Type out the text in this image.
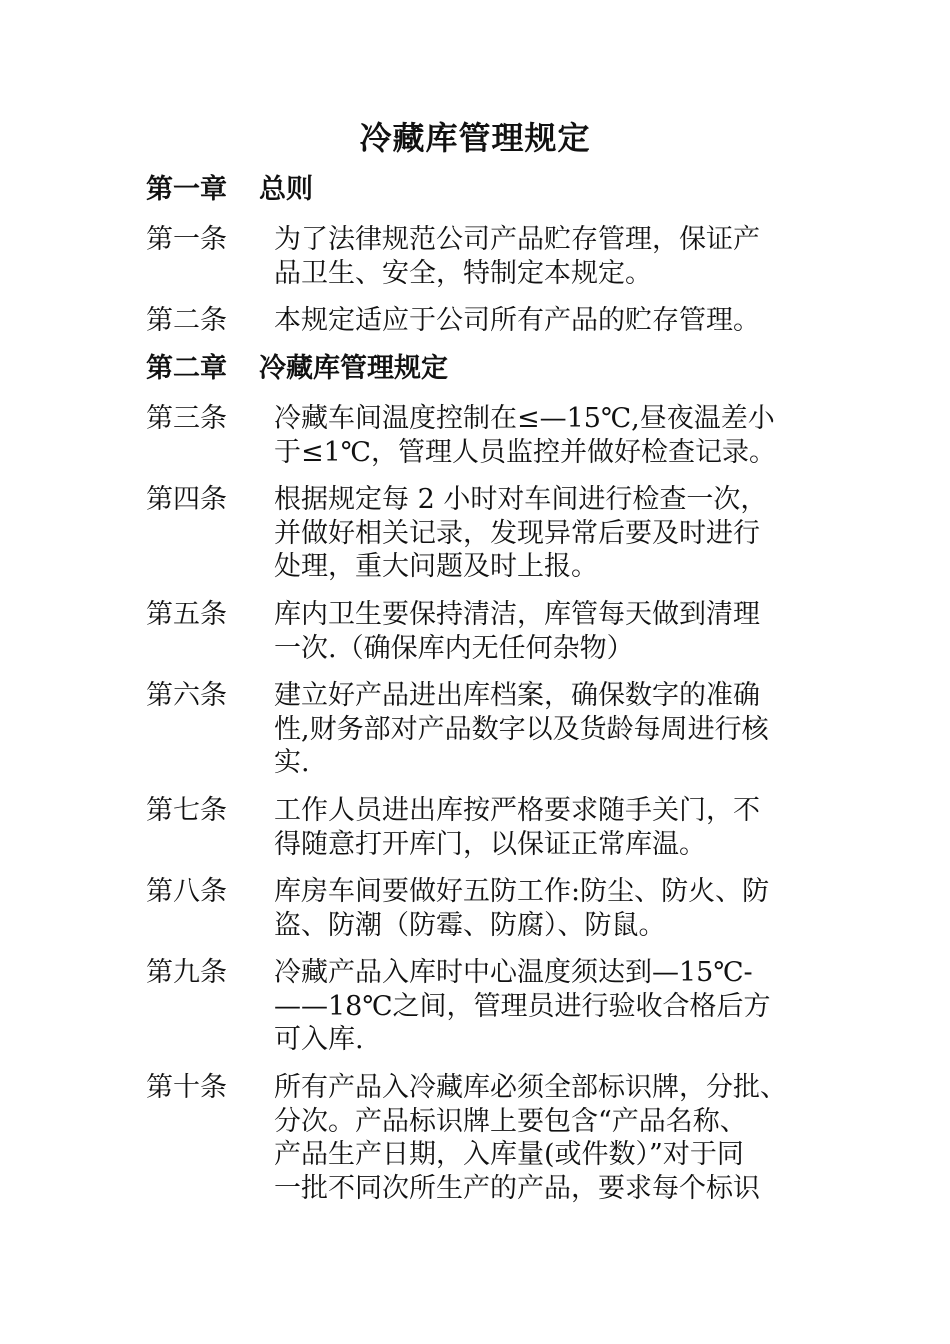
冷藏库管理规定
第一章 总则
第一条 为了法律规范公司产品贮存管理，保证产
品卫生、安全，特制定本规定。
第二条 本规定适应于公司所有产品的贮存管理。
第二章 冷藏库管理规定
第三条 冷藏车间温度控制在≤—15℃,昼夜温差小
于≤1℃，管理人员监控并做好检查记录。
第四条 根据规定每 2 小时对车间进行检查一次，
并做好相关记录，发现异常后要及时进行
处理，重大问题及时上报。
第五条 库内卫生要保持清洁，库管每天做到清理
一次.（确保库内无任何杂物）
第六条 建立好产品进出库档案，确保数字的准确
性,财务部对产品数字以及货龄每周进行核
实.
第七条 工作人员进出库按严格要求随手关门，不
得随意打开库门，以保证正常库温。
第八条 库房车间要做好五防工作:防尘、防火、防
盗、防潮（防霉、防腐）、防鼠。
第九条 冷藏产品入库时中心温度须达到—15℃-
——18℃之间，管理员进行验收合格后方
可入库.
第十条 所有产品入冷藏库必须全部标识牌，分批、
分次。产品标识牌上要包含“产品名称、
产品生产日期，入库量(或件数）”对于同
一批不同次所生产的产品，要求每个标识
